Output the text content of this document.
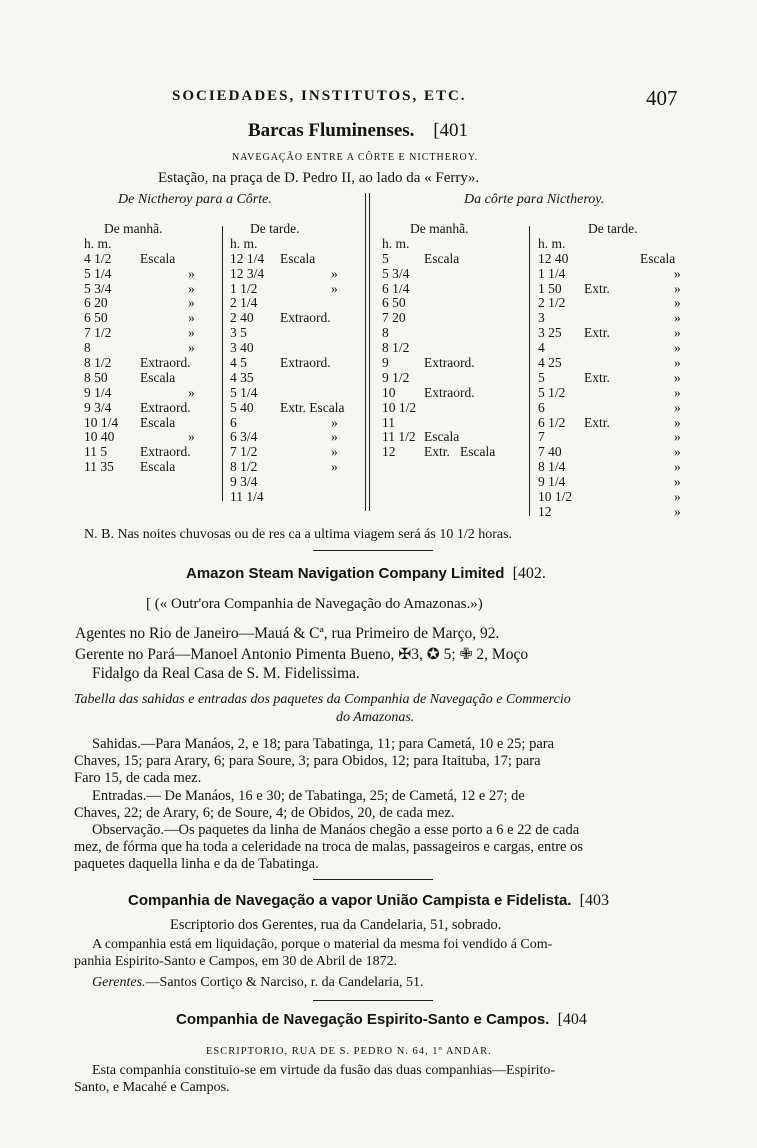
SOCIEDADES, INSTITUTOS, ETC.	407
Barcas Fluminenses. [401
NAVEGAÇÃO ENTRE A CÔRTE E NICTHEROY.
Estação, na praça de D. Pedro II, ao lado da « Ferry».
De Nictheroy para a Côrte.	Da côrte para Nictheroy.
De manhã.
h. m.
4 1/2 Escala
5 1/4	»
5 3/4	»
6 20	»
6 50	»
7 1/2	»
8	»
8 1/2 Extraord.
8 50 Escala
9 1/4	»
9 3/4 Extraord.
10 1/4 Escala
10 40	»
11 5 Extraord.
11 35 Escala
De tarde.
h. m.
12 1/4 Escala
12 3/4	»
1 1/2	»
2 1/4
2 40 Extraord.
3 5
3 40
4 5 Extraord.
4 35
5 1/4
5 40 Extr. Escala
6	»
6 3/4	»
7 1/2	»
8 1/2	»
9 3/4
11 1/4
De manhã.
h. m.
5	Escala
5 3/4
6 1/4
6 50
7 20
8
8 1/2
9	Extraord.
9 1/2
10 Extraord.
10 1/2
11
11 1/2 Escala
12 Extr.   Escala
De tarde.
h. m.
12 40	Escala
1 1/4	»
1 50 Extr.	»
2 1/2	»
3	»
3 25 Extr.	»
4	»
4 25	»
5	Extr.	»
5 1/2	»
6	»
6 1/2 Extr.	»
7	»
7 40	»
8 1/4	»
9 1/4	»
10 1/2	»
12	»
N. B. Nas noites chuvosas ou de res ca a ultima viagem será ás 10 1/2 horas.
Amazon Steam Navigation Company Limited [402.
[ (« Outr'ora Companhia de Navegação do Amazonas.»)
Agentes no Rio de Janeiro—Mauá & Cª, rua Primeiro de Março, 92.
Gerente no Pará—Manoel Antonio Pimenta Bueno, ✠3, ✪ 5; ✙ 2, Moço
Fidalgo da Real Casa de S. M. Fidelissima.
Tabella das sahidas e entradas dos paquetes da Companhia de Navegação e Commercio
do Amazonas.
Sahidas.—Para Manáos, 2, e 18; para Tabatinga, 11; para Cametá, 10 e 25; para
Chaves, 15; para Arary, 6; para Soure, 3; para Obidos, 12; para Itaituba, 17; para
Faro 15, de cada mez.
Entradas.— De Manáos, 16 e 30; de Tabatinga, 25; de Cametá, 12 e 27; de
Chaves, 22; de Arary, 6; de Soure, 4; de Obidos, 20, de cada mez.
Observação.—Os paquetes da linha de Manáos chegão a esse porto a 6 e 22 de cada
mez, de fórma que ha toda a celeridade na troca de malas, passageiros e cargas, entre os
paquetes daquella linha e da de Tabatinga.
Companhia de Navegação a vapor União Campista e Fidelista. [403
Escriptorio dos Gerentes, rua da Candelaria, 51, sobrado.
A companhia está em liquidação, porque o material da mesma foi vendido á Com-
panhia Espirito-Santo e Campos, em 30 de Abril de 1872.
Gerentes.—Santos Cortiço & Narciso, r. da Candelaria, 51.
Companhia de Navegação Espirito-Santo e Campos. [404
ESCRIPTORIO, RUA DE S. PEDRO N. 64, 1º ANDAR.
Esta companhia constituio-se em virtude da fusão das duas companhias—Espirito-
Santo, e Macahé e Campos.
